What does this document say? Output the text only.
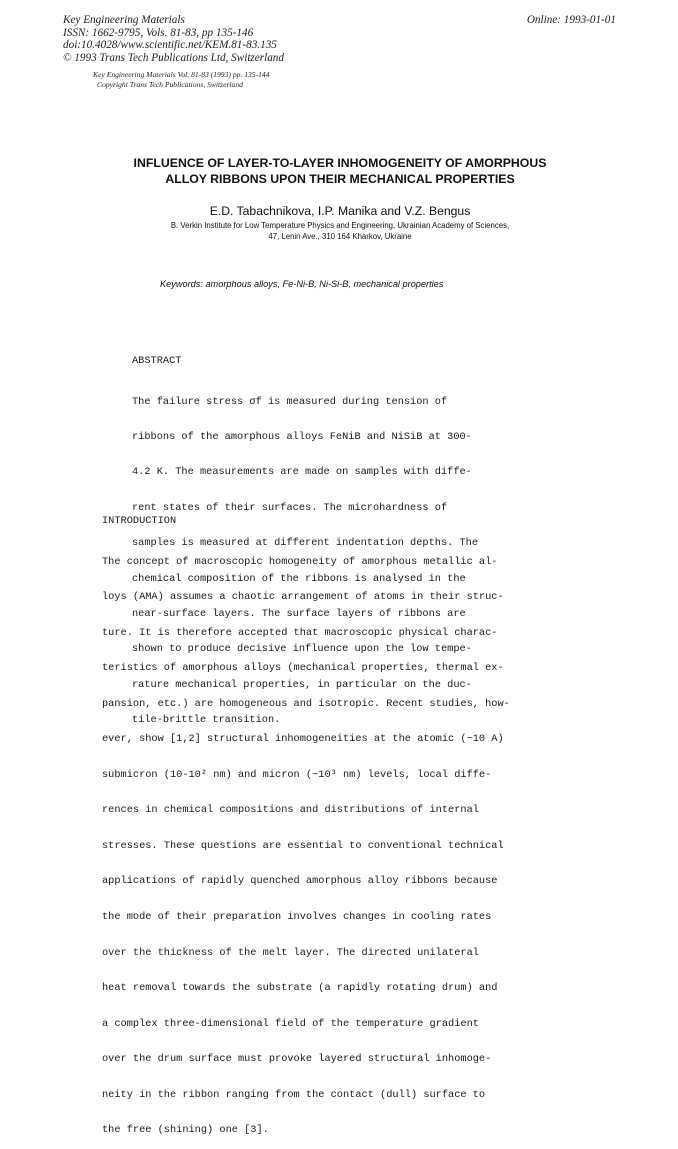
Key Engineering Materials
ISSN: 1662-9795, Vols. 81-83, pp 135-146
doi:10.4028/www.scientific.net/KEM.81-83.135
© 1993 Trans Tech Publications Ltd, Switzerland
Online: 1993-01-01
Key Engineering Materials Vol. 81-83 (1993) pp. 135-144
Copyright Trans Tech Publications, Switzerland
INFLUENCE OF LAYER-TO-LAYER INHOMOGENEITY OF AMORPHOUS
ALLOY RIBBONS UPON THEIR MECHANICAL PROPERTIES
E.D. Tabachnikova, I.P. Manika and V.Z. Bengus
B. Verkin Institute for Low Temperature Physics and Engineering, Ukrainian Academy of Sciences,
47, Lenin Ave., 310 164 Kharkov, Ukraine
Keywords: amorphous alloys, Fe-Ni-B, Ni-Si-B, mechanical properties
ABSTRACT

The failure stress σf is measured during tension of

ribbons of the amorphous alloys FeNiB and NiSiB at 300-

4.2 K. The measurements are made on samples with diffe-

rent states of their surfaces. The microhardness of

samples is measured at different indentation depths. The

chemical composition of the ribbons is analysed in the

near-surface layers. The surface layers of ribbons are

shown to produce decisive influence upon the low tempe-

rature mechanical properties, in particular on the duc-

tile-brittle transition.

INTRODUCTION

The concept of macroscopic homogeneity of amorphous metallic al-

loys (AMA) assumes a chaotic arrangement of atoms in their struc-

ture. It is therefore accepted that macroscopic physical charac-

teristics of amorphous alloys (mechanical properties, thermal ex-

pansion, etc.) are homogeneous and isotropic. Recent studies, how-

ever, show [1,2] structural inhomogeneities at the atomic (~10 A)

submicron (10-10² nm) and micron (~10³ nm) levels, local diffe-

rences in chemical compositions and distributions of internal

stresses. These questions are essential to conventional technical

applications of rapidly quenched amorphous alloy ribbons because

the mode of their preparation involves changes in cooling rates

over the thickness of the melt layer. The directed unilateral

heat removal towards the substrate (a rapidly rotating drum) and

a complex three-dimensional field of the temperature gradient

over the drum surface must provoke layered structural inhomoge-

neity in the ribbon ranging from the contact (dull) surface to

the free (shining) one [3].
